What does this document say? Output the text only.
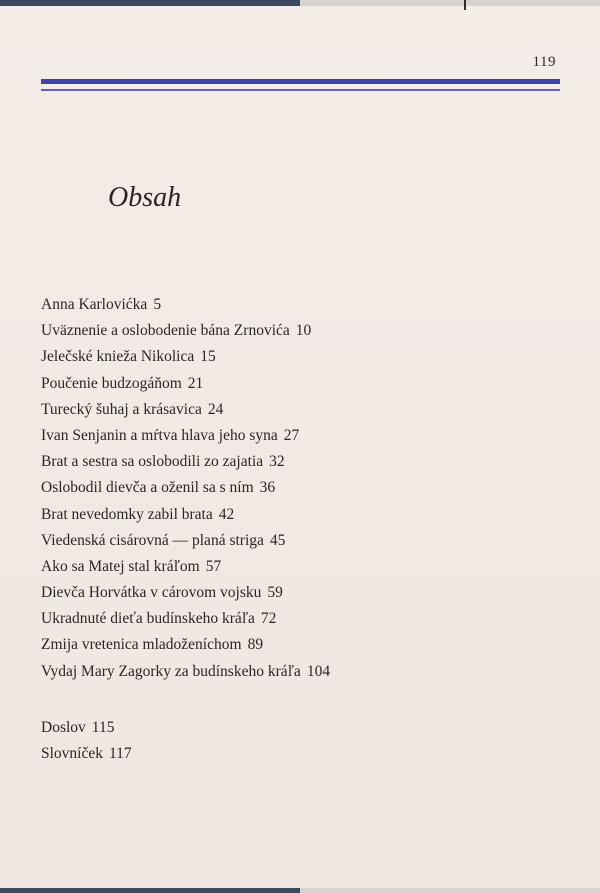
119
Obsah
Anna Karlovićka 5
Uväznenie a oslobodenie bána Zrnovića 10
Jelečské knieža Nikolica 15
Poučenie budzogáňom 21
Turecký šuhaj a krásavica 24
Ivan Senjanin a mŕtva hlava jeho syna 27
Brat a sestra sa oslobodili zo zajatia 32
Oslobodil dievča a oženil sa s ním 36
Brat nevedomky zabil brata 42
Viedenská cisárovná — planá striga 45
Ako sa Matej stal kráľom 57
Dievča Horvátka v cárovom vojsku 59
Ukradnuté dieťa budínskeho kráľa 72
Zmija vretenica mladoženíchom 89
Vydaj Mary Zagorky za budínskeho kráľa 104
Doslov 115
Slovníček 117
